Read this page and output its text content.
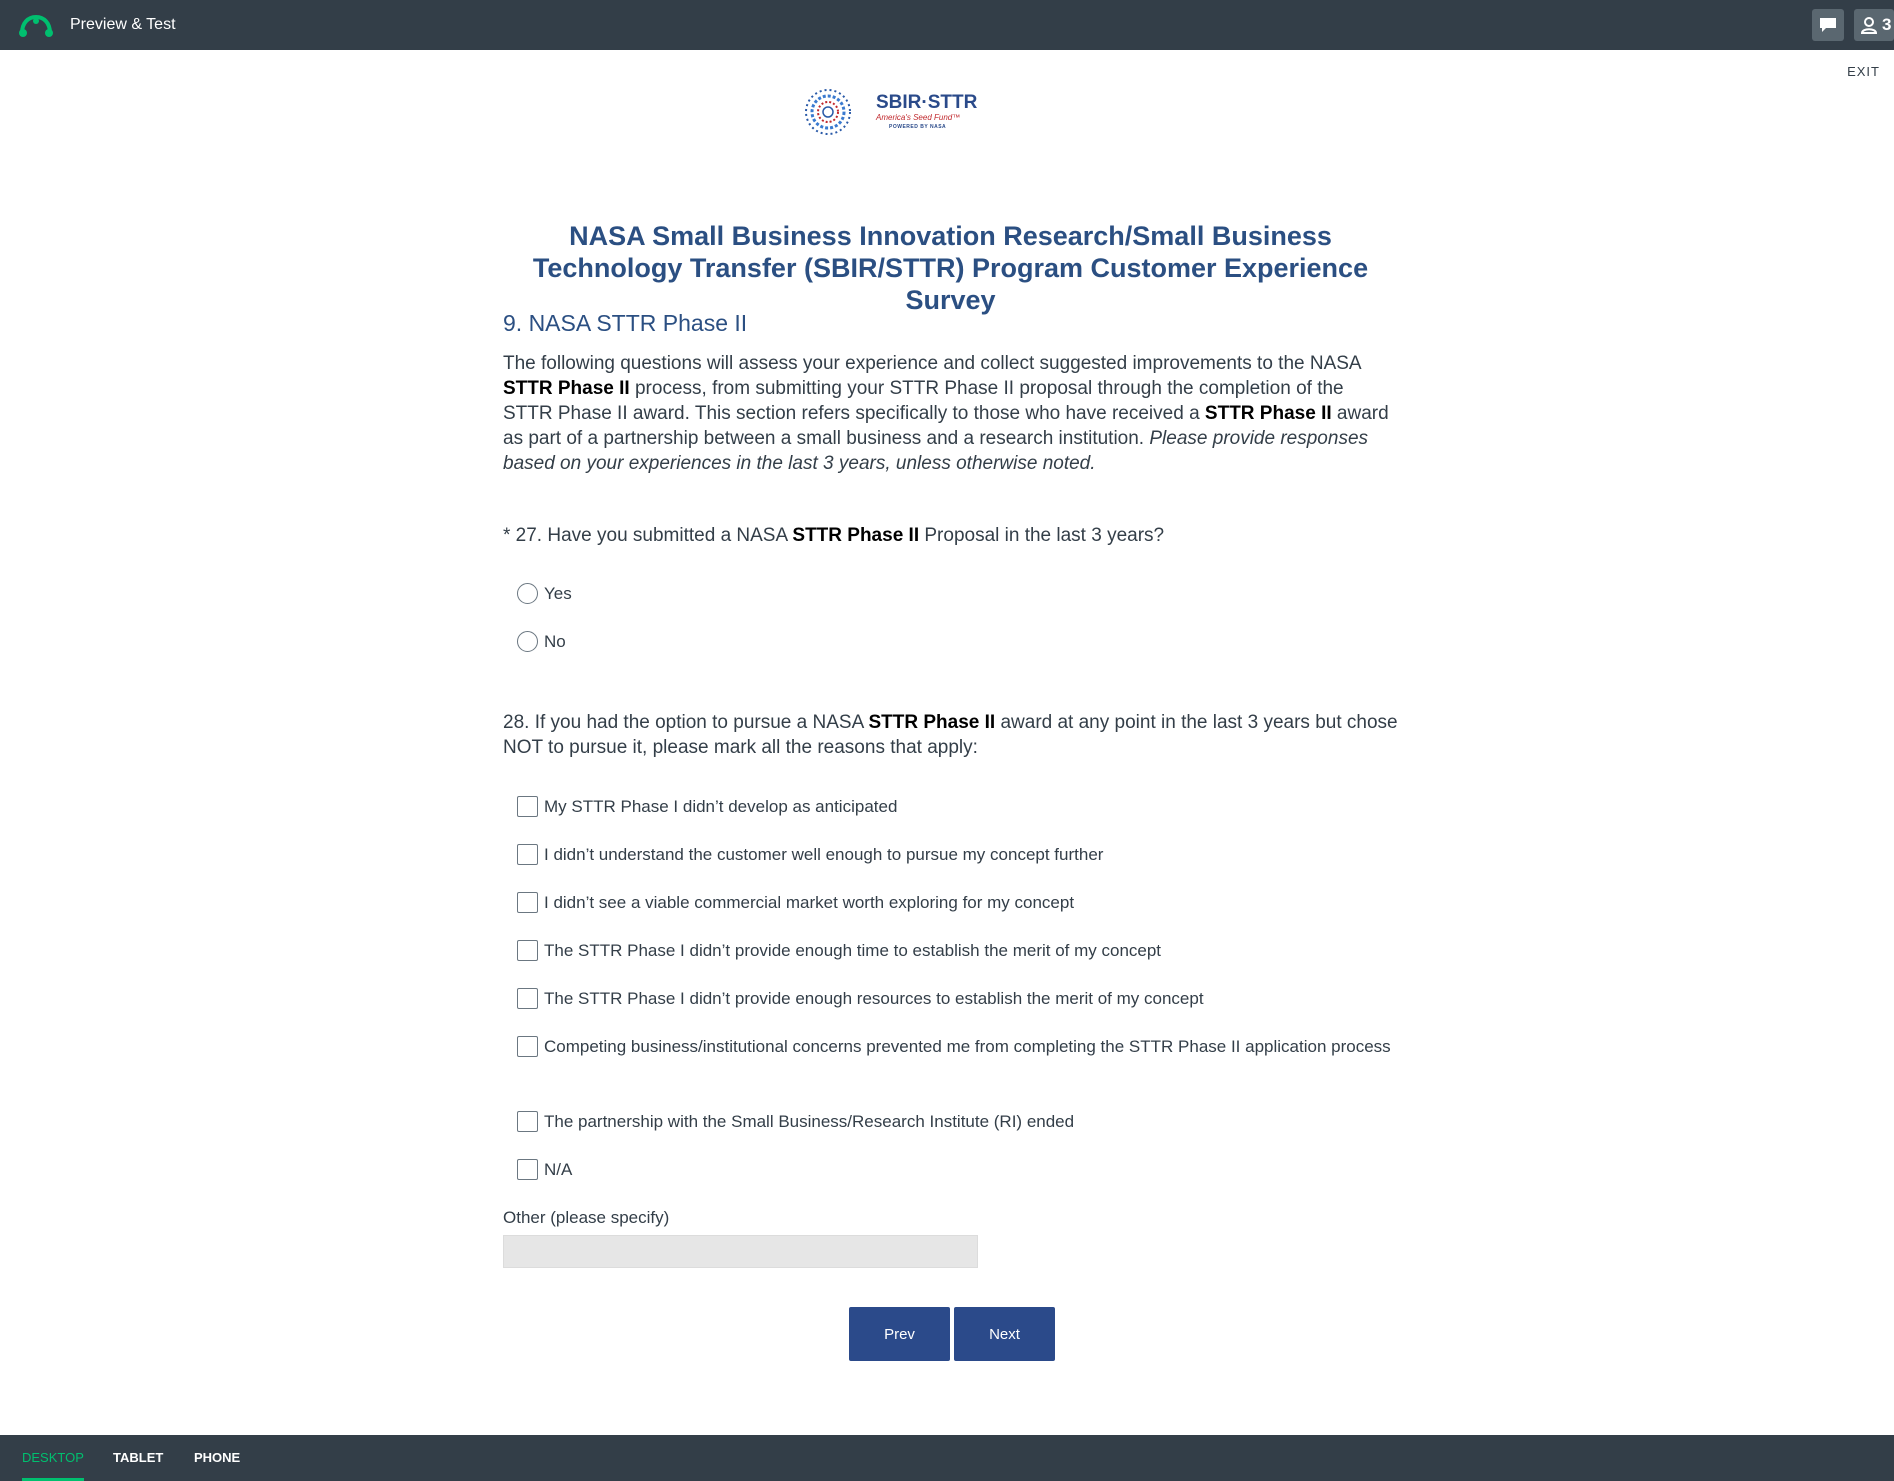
Preview & Test	3
EXIT
SBIR·STTR
America's Seed Fund™
POWERED BY NASA
NASA Small Business Innovation Research/Small Business Technology Transfer (SBIR/STTR) Program Customer Experience Survey
9. NASA STTR Phase II
The following questions will assess your experience and collect suggested improvements to the NASA STTR Phase II process, from submitting your STTR Phase II proposal through the completion of the STTR Phase II award. This section refers specifically to those who have received a STTR Phase II award as part of a partnership between a small business and a research institution. Please provide responses based on your experiences in the last 3 years, unless otherwise noted.
* 27. Have you submitted a NASA STTR Phase II Proposal in the last 3 years?
Yes
No
28. If you had the option to pursue a NASA STTR Phase II award at any point in the last 3 years but chose NOT to pursue it, please mark all the reasons that apply:
My STTR Phase I didn’t develop as anticipated
I didn’t understand the customer well enough to pursue my concept further
I didn’t see a viable commercial market worth exploring for my concept
The STTR Phase I didn’t provide enough time to establish the merit of my concept
The STTR Phase I didn’t provide enough resources to establish the merit of my concept
Competing business/institutional concerns prevented me from completing the STTR Phase II application process
The partnership with the Small Business/Research Institute (RI) ended
N/A
Other (please specify)
Prev	Next
DESKTOP TABLET PHONE
